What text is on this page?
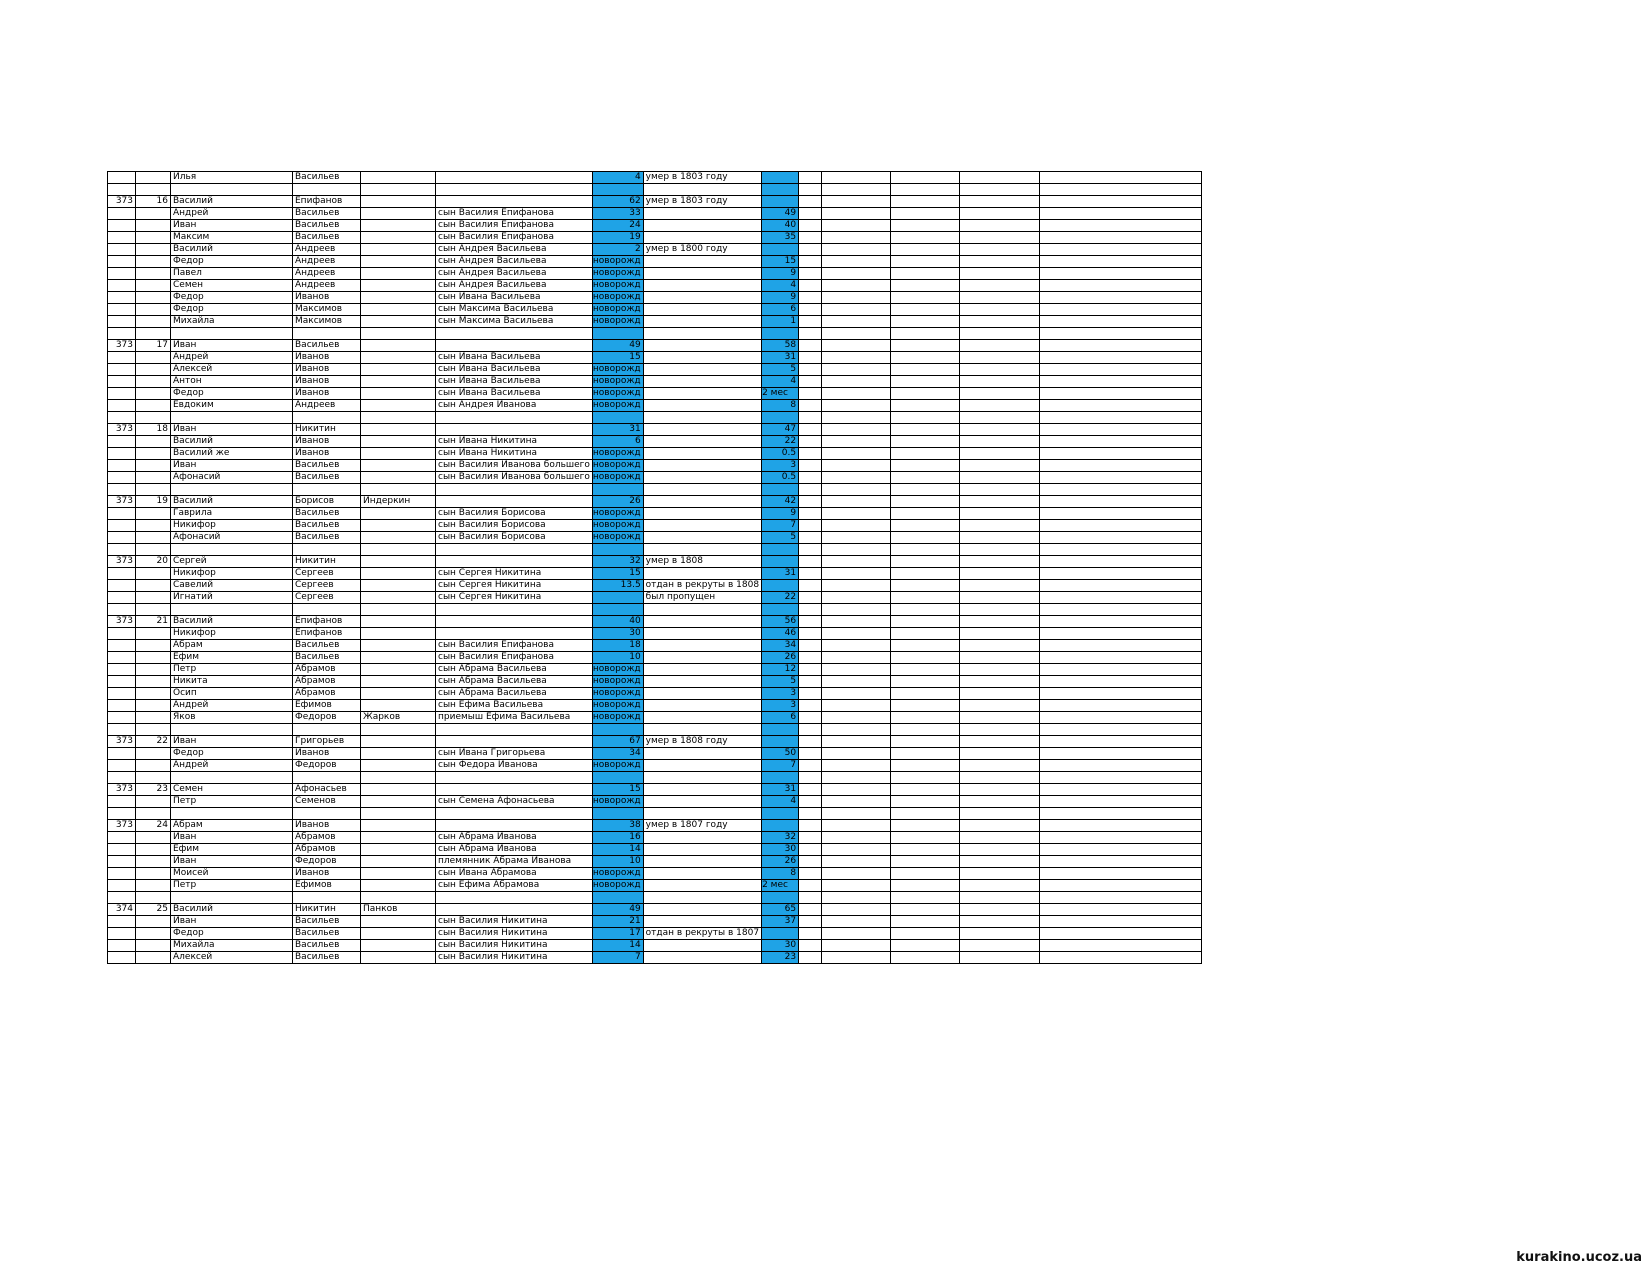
		Илья	Васильев			4	умер в 1803 году						

373	16	Василий	Епифанов			62	умер в 1803 году						
		Андрей	Васильев		сын Василия Епифанова	33		49					
		Иван	Васильев		сын Василия Епифанова	24		40					
		Максим	Васильев		сын Василия Епифанова	19		35					
		Василий	Андреев		сын Андрея Васильева	2	умер в 1800 году						
		Федор	Андреев		сын Андрея Васильева	новорожд		15					
		Павел	Андреев		сын Андрея Васильева	новорожд		9					
		Семен	Андреев		сын Андрея Васильева	новорожд		4					
		Федор	Иванов		сын Ивана Васильева	новорожд		9					
		Федор	Максимов		сын Максима Васильева	новорожд		6					
		Михайла	Максимов		сын Максима Васильева	новорожд		1					

373	17	Иван	Васильев			49		58					
		Андрей	Иванов		сын Ивана Васильева	15		31					
		Алексей	Иванов		сын Ивана Васильева	новорожд		5					
		Антон	Иванов		сын Ивана Васильева	новорожд		4					
		Федор	Иванов		сын Ивана Васильева	новорожд		2 мес					
		Евдоким	Андреев		сын Андрея Иванова	новорожд		8					

373	18	Иван	Никитин			31		47					
		Василий	Иванов		сын Ивана Никитина	6		22					
		Василий же	Иванов		сын Ивана Никитина	новорожд		0.5					
		Иван	Васильев		сын Василия Иванова большего	новорожд		3					
		Афонасий	Васильев		сын Василия Иванова большего	новорожд		0.5					

373	19	Василий	Борисов	Индеркин		26		42					
		Гаврила	Васильев		сын Василия Борисова	новорожд		9					
		Никифор	Васильев		сын Василия Борисова	новорожд		7					
		Афонасий	Васильев		сын Василия Борисова	новорожд		5					

373	20	Сергей	Никитин			32	умер в 1808						
		Никифор	Сергеев		сын Сергея Никитина	15		31					
		Савелий	Сергеев		сын Сергея Никитина	13.5	отдан в рекруты в 1808						
		Игнатий	Сергеев		сын Сергея Никитина		был пропущен	22					

373	21	Василий	Епифанов			40		56					
		Никифор	Епифанов			30		46					
		Абрам	Васильев		сын Василия Епифанова	18		34					
		Ефим	Васильев		сын Василия Епифанова	10		26					
		Петр	Абрамов		сын Абрама Васильева	новорожд		12					
		Никита	Абрамов		сын Абрама Васильева	новорожд		5					
		Осип	Абрамов		сын Абрама Васильева	новорожд		3					
		Андрей	Ефимов		сын Ефима Васильева	новорожд		3					
		Яков	Федоров	Жарков	приемыш Ефима Васильева	новорожд		6					

373	22	Иван	Григорьев			67	умер в 1808 году						
		Федор	Иванов		сын Ивана Григорьева	34		50					
		Андрей	Федоров		сын Федора Иванова	новорожд		7					

373	23	Семен	Афонасьев			15		31					
		Петр	Семенов		сын Семена Афонасьева	новорожд		4					

373	24	Абрам	Иванов			38	умер в 1807 году						
		Иван	Абрамов		сын Абрама Иванова	16		32					
		Ефим	Абрамов		сын Абрама Иванова	14		30					
		Иван	Федоров		племянник Абрама Иванова	10		26					
		Моисей	Иванов		сын Ивана Абрамова	новорожд		8					
		Петр	Ефимов		сын Ефима Абрамова	новорожд		2 мес					

374	25	Василий	Никитин	Панков		49		65					
		Иван	Васильев		сын Василия Никитина	21		37					
		Федор	Васильев		сын Василия Никитина	17	отдан в рекруты в 1807						
		Михайла	Васильев		сын Василия Никитина	14		30					
		Алексей	Васильев		сын Василия Никитина	7		23					
kurakino.ucoz.ua
